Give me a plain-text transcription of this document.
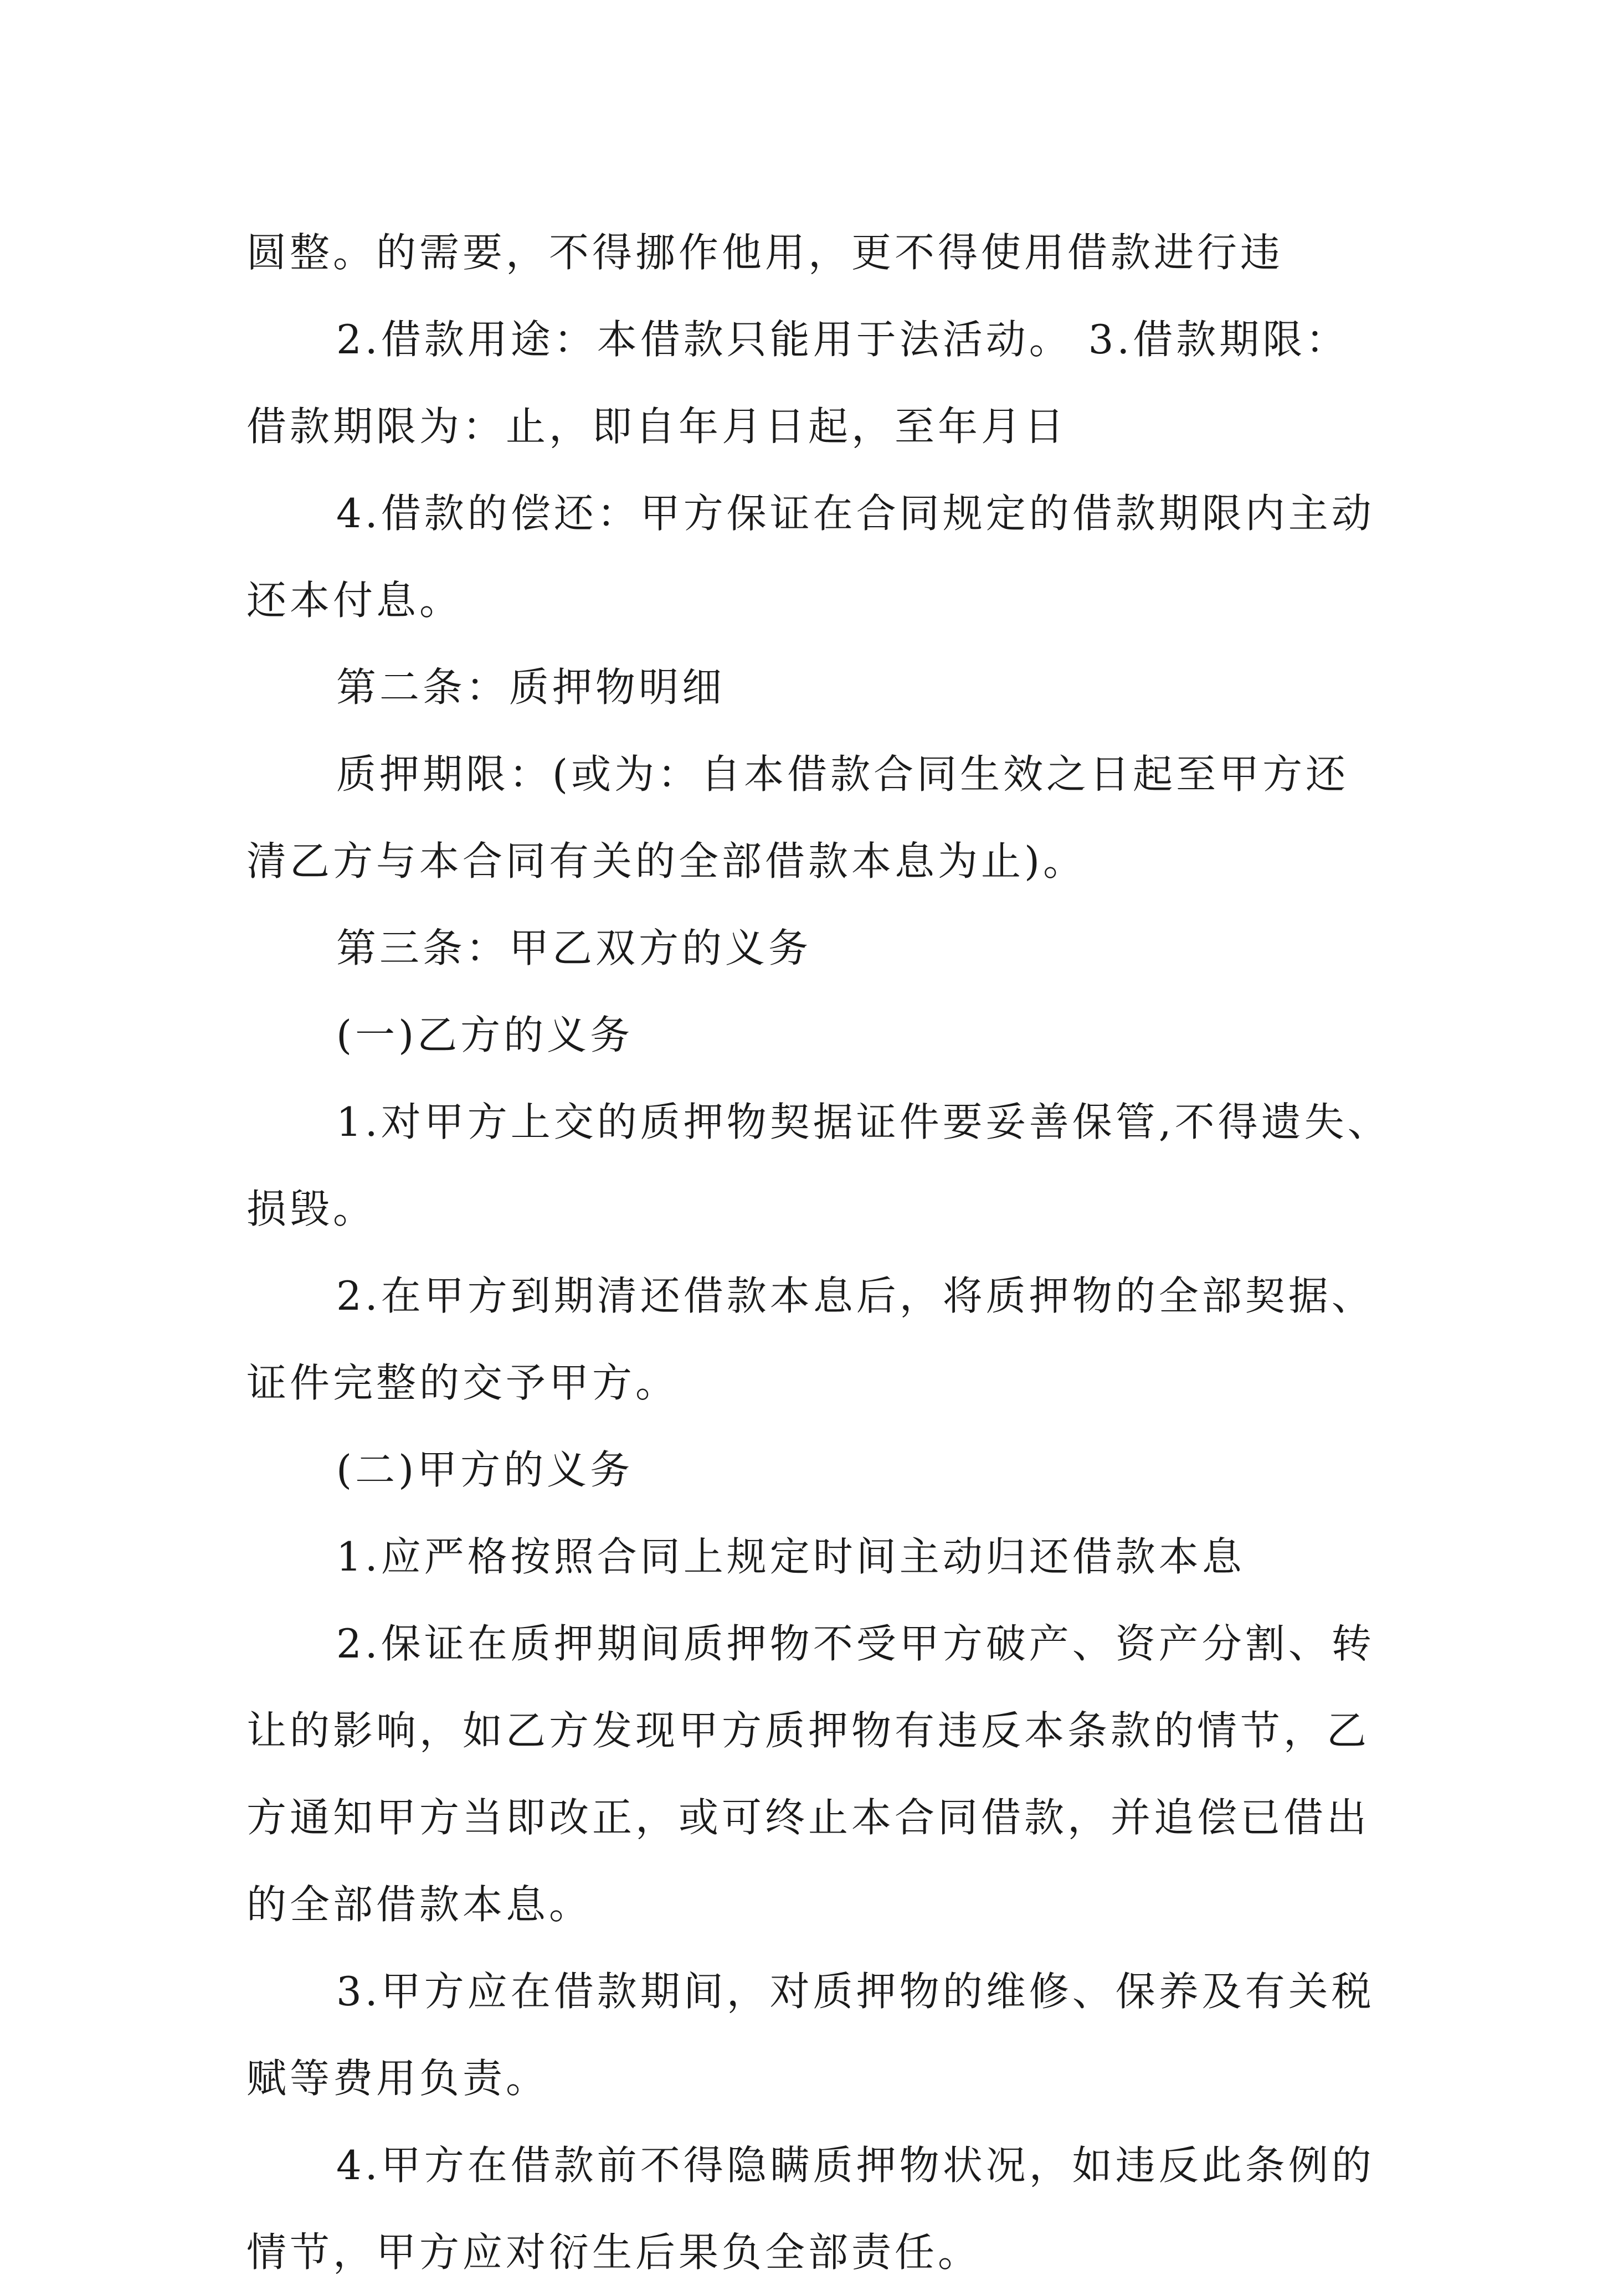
圆整。的需要，不得挪作他用，更不得使用借款进行违
2.借款用途：本借款只能用于法活动。 3.借款期限：
借款期限为：止，即自年月日起，至年月日
4.借款的偿还：甲方保证在合同规定的借款期限内主动
还本付息。
第二条：质押物明细
质押期限：(或为：自本借款合同生效之日起至甲方还
清乙方与本合同有关的全部借款本息为止)。
第三条：甲乙双方的义务
(一)乙方的义务
1.对甲方上交的质押物契据证件要妥善保管,不得遗失、
损毁。
2.在甲方到期清还借款本息后，将质押物的全部契据、
证件完整的交予甲方。
(二)甲方的义务
1.应严格按照合同上规定时间主动归还借款本息
2.保证在质押期间质押物不受甲方破产、资产分割、转
让的影响，如乙方发现甲方质押物有违反本条款的情节，乙
方通知甲方当即改正，或可终止本合同借款，并追偿已借出
的全部借款本息。
3.甲方应在借款期间，对质押物的维修、保养及有关税
赋等费用负责。
4.甲方在借款前不得隐瞒质押物状况，如违反此条例的
情节，甲方应对衍生后果负全部责任。
